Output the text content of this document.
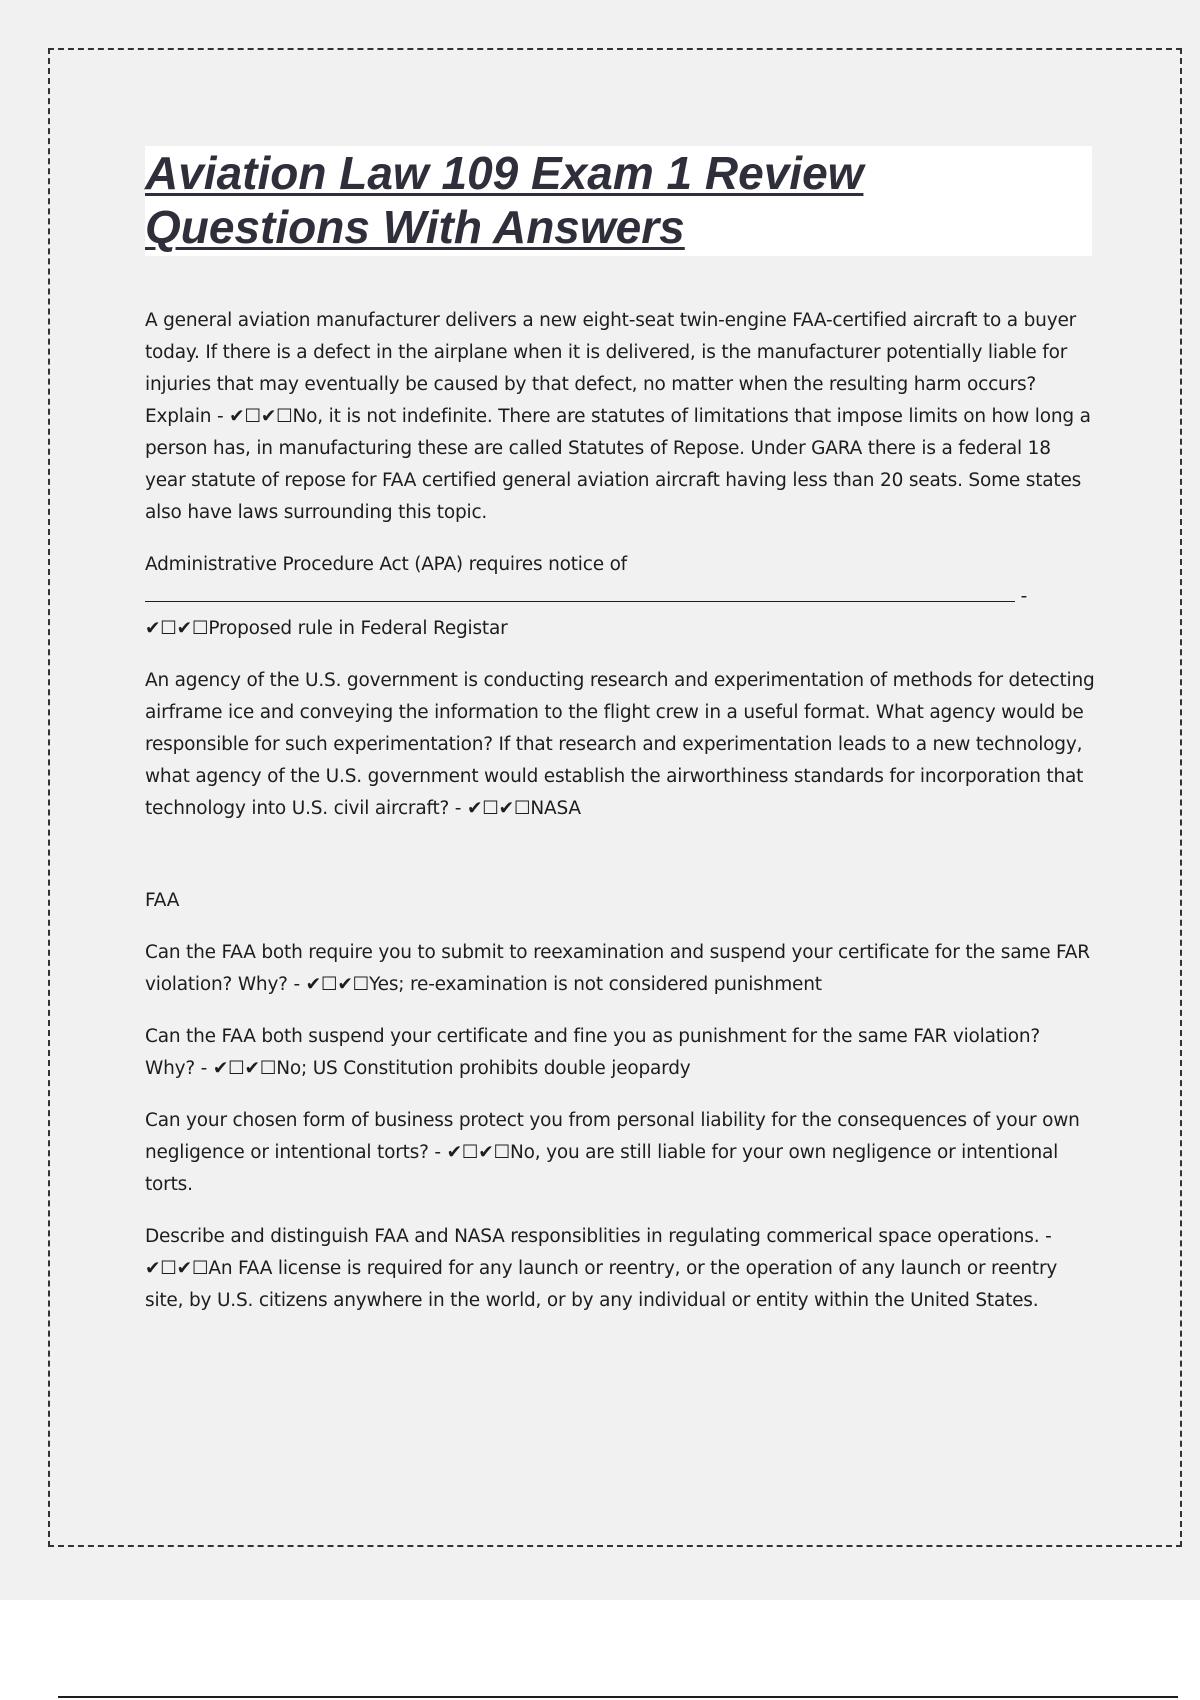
Aviation Law 109 Exam 1 Review
Questions With Answers

A general aviation manufacturer delivers a new eight-seat twin-engine FAA-certified aircraft to a buyer today. If there is a defect in the airplane when it is delivered, is the manufacturer potentially liable for injuries that may eventually be caused by that defect, no matter when the resulting harm occurs? Explain - ✔☐✔☐No, it is not indefinite. There are statutes of limitations that impose limits on how long a person has, in manufacturing these are called Statutes of Repose. Under GARA there is a federal 18 year statute of repose for FAA certified general aviation aircraft having less than 20 seats. Some states also have laws surrounding this topic.

Administrative Procedure Act (APA) requires notice of
- ✔☐✔☐Proposed rule in Federal Registar

An agency of the U.S. government is conducting research and experimentation of methods for detecting airframe ice and conveying the information to the flight crew in a useful format. What agency would be responsible for such experimentation? If that research and experimentation leads to a new technology, what agency of the U.S. government would establish the airworthiness standards for incorporation that technology into U.S. civil aircraft? - ✔☐✔☐NASA

FAA

Can the FAA both require you to submit to reexamination and suspend your certificate for the same FAR violation? Why? - ✔☐✔☐Yes; re-examination is not considered punishment

Can the FAA both suspend your certificate and fine you as punishment for the same FAR violation? Why? - ✔☐✔☐No; US Constitution prohibits double jeopardy

Can your chosen form of business protect you from personal liability for the consequences of your own negligence or intentional torts? - ✔☐✔☐No, you are still liable for your own negligence or intentional torts.

Describe and distinguish FAA and NASA responsiblities in regulating commerical space operations. - ✔☐✔☐An FAA license is required for any launch or reentry, or the operation of any launch or reentry site, by U.S. citizens anywhere in the world, or by any individual or entity within the United States.
